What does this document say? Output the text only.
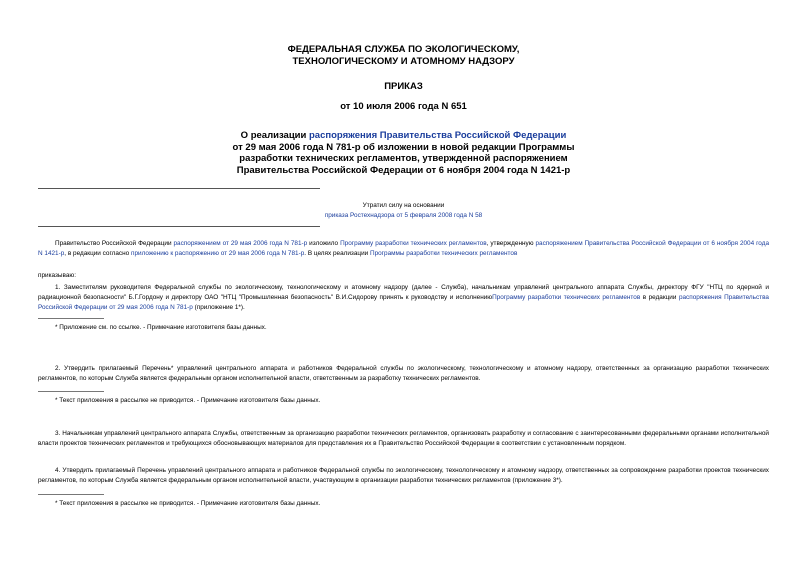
ФЕДЕРАЛЬНАЯ СЛУЖБА ПО ЭКОЛОГИЧЕСКОМУ,
ТЕХНОЛОГИЧЕСКОМУ И АТОМНОМУ НАДЗОРУ
ПРИКАЗ
от 10 июля 2006 года N 651
О реализации распоряжения Правительства Российской Федерации
от 29 мая 2006 года N 781-р об изложении в новой редакции Программы
разработки технических регламентов, утвержденной распоряжением
Правительства Российской Федерации от 6 ноября 2004 года N 1421-р
Утратил силу на основании
приказа Ростехнадзора от 5 февраля 2008 года N 58
Правительство Российской Федерации распоряжением от 29 мая 2006 года N 781-р изложило Программу разработки технических регламентов, утвержденную распоряжением Правительства Российской Федерации от 6 ноября 2004 года N 1421-р, в редакции согласно приложению к распоряжению от 29 мая 2006 года N 781-р. В целях реализации Программы разработки технических регламентов
приказываю:
1. Заместителям руководителя Федеральной службы по экологическому, технологическому и атомному надзору (далее - Служба), начальникам управлений центрального аппарата Службы, директору ФГУ "НТЦ по ядерной и радиационной безопасности" Б.Г.Гордону и директору ОАО "НТЦ "Промышленная безопасность" В.И.Сидорову принять к руководству и исполнениюПрограмму разработки технических регламентов в редакции распоряжения Правительства Российской Федерации от 29 мая 2006 года N 781-р (приложение 1*).
* Приложение см. по ссылке. - Примечание изготовителя базы данных.
2. Утвердить прилагаемый Перечень* управлений центрального аппарата и работников Федеральной службы по экологическому, технологическому и атомному надзору, ответственных за организацию разработки технических регламентов, по которым Служба является федеральным органом исполнительной власти, ответственным за разработку технических регламентов.
* Текст приложения в рассылке не приводится. - Примечание изготовителя базы данных.
3. Начальникам управлений центрального аппарата Службы, ответственным за организацию разработки технических регламентов, организовать разработку и согласование с заинтересованными федеральными органами исполнительной власти проектов технических регламентов и требующихся обосновывающих материалов для представления их в Правительство Российской Федерации в соответствии с установленным порядком.
4. Утвердить прилагаемый Перечень управлений центрального аппарата и работников Федеральной службы по экологическому, технологическому и атомному надзору, ответственных за сопровождение разработки проектов технических регламентов, по которым Служба является федеральным органом исполнительной власти, участвующим в организации разработки технических регламентов (приложение 3*).
* Текст приложения в рассылке не приводится. - Примечание изготовителя базы данных.
